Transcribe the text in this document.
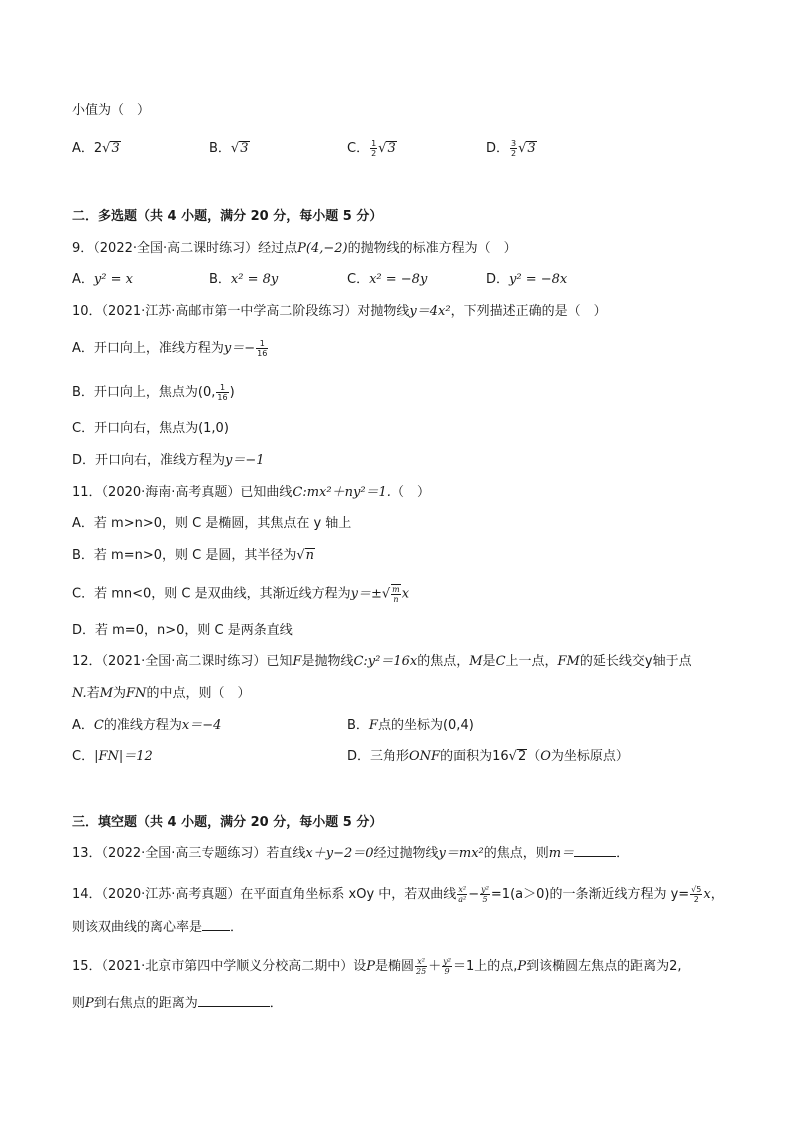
小值为（　）
A．2√3	B．√3	C． $\frac{1}{2} √3$	D． $\frac{3}{2} √3$
二．多选题（共 4 小题，满分 20 分，每小题 5 分）
9．（2022·全国·高二课时练习）经过点P(4,−2)的抛物线的标准方程为（　）
A．y² = x	B．x² = 8y	C．x² = −8y	D．y² = −8x
10．（2021·江苏·高邮市第一中学高二阶段练习）对抛物线y＝4x²，下列描述正确的是（　）
A．开口向上，准线方程为$y=- \frac{1}{16}$
B．开口向上，焦点为(0, $\frac{1}{16}$ )
C．开口向右，焦点为(1,0)
D．开口向右，准线方程为y＝−1
11．（2020·海南·高考真题）已知曲线C:mx²＋ny²＝1.（　）
A．若 m>n>0，则 C 是椭圆，其焦点在 y 轴上
B．若 m=n>0，则 C 是圆，其半径为√n
C．若 mn<0，则 C 是双曲线，其渐近线方程为$y=\pm√ \frac{m}{n}$ x
D．若 m=0，n>0，则 C 是两条直线
12．（2021·全国·高二课时练习）已知F是抛物线C:y²＝16x的焦点，M是C上一点，FM的延长线交y轴于点
N.若M为FN的中点，则（　）
A．C的准线方程为x＝−4	B．F点的坐标为(0,4)
C．|FN|＝12	D．三角形ONF的面积为16√2（O为坐标原点）
三．填空题（共 4 小题，满分 20 分，每小题 5 分）
13．（2022·全国·高三专题练习）若直线x＋y−2＝0经过抛物线y＝mx²的焦点，则m＝	．
14．（2020·江苏·高考真题）在平面直角坐标系 xOy 中，若双曲线 $\frac{\text{x²}}{\text{a²}} - \frac{\text{y²}}{5} =1(a>0)$的一条渐近线方程为 $y= \frac{√5}{2}$ x，
则该双曲线的离心率是 ．
15．（2021·北京市第四中学顺义分校高二期中）设P是椭圆 $\frac{\text{x²}}{25} + \frac{\text{y²}}{9} =1$上的点,P到该椭圆左焦点的距离为2,
则P到右焦点的距离为	．
